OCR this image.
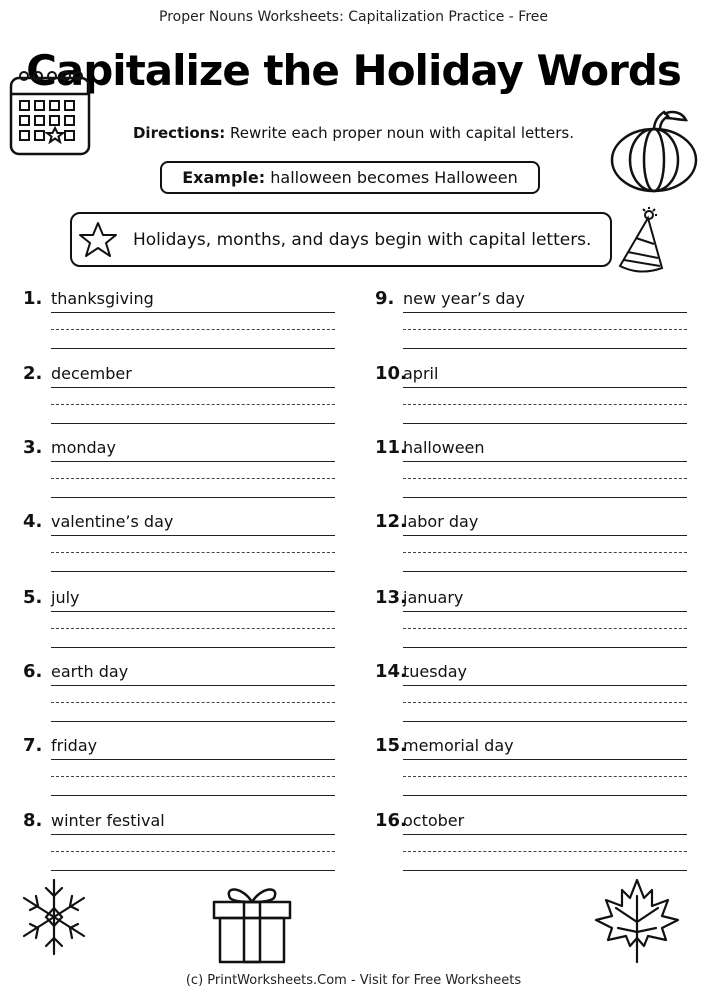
Proper Nouns Worksheets: Capitalization Practice - Free
Capitalize the Holiday Words
Directions: Rewrite each proper noun with capital letters.
Example: halloween becomes Halloween
Holidays, months, and days begin with capital letters.
1. thanksgiving
2. december
3. monday
4. valentine’s day
5. july
6. earth day
7. friday
8. winter festival
9. new year’s day
10.
april
11.
halloween
12.
labor day
13.
january
14.
tuesday
15.
memorial day
16.
october
(c) PrintWorksheets.Com - Visit for Free Worksheets
